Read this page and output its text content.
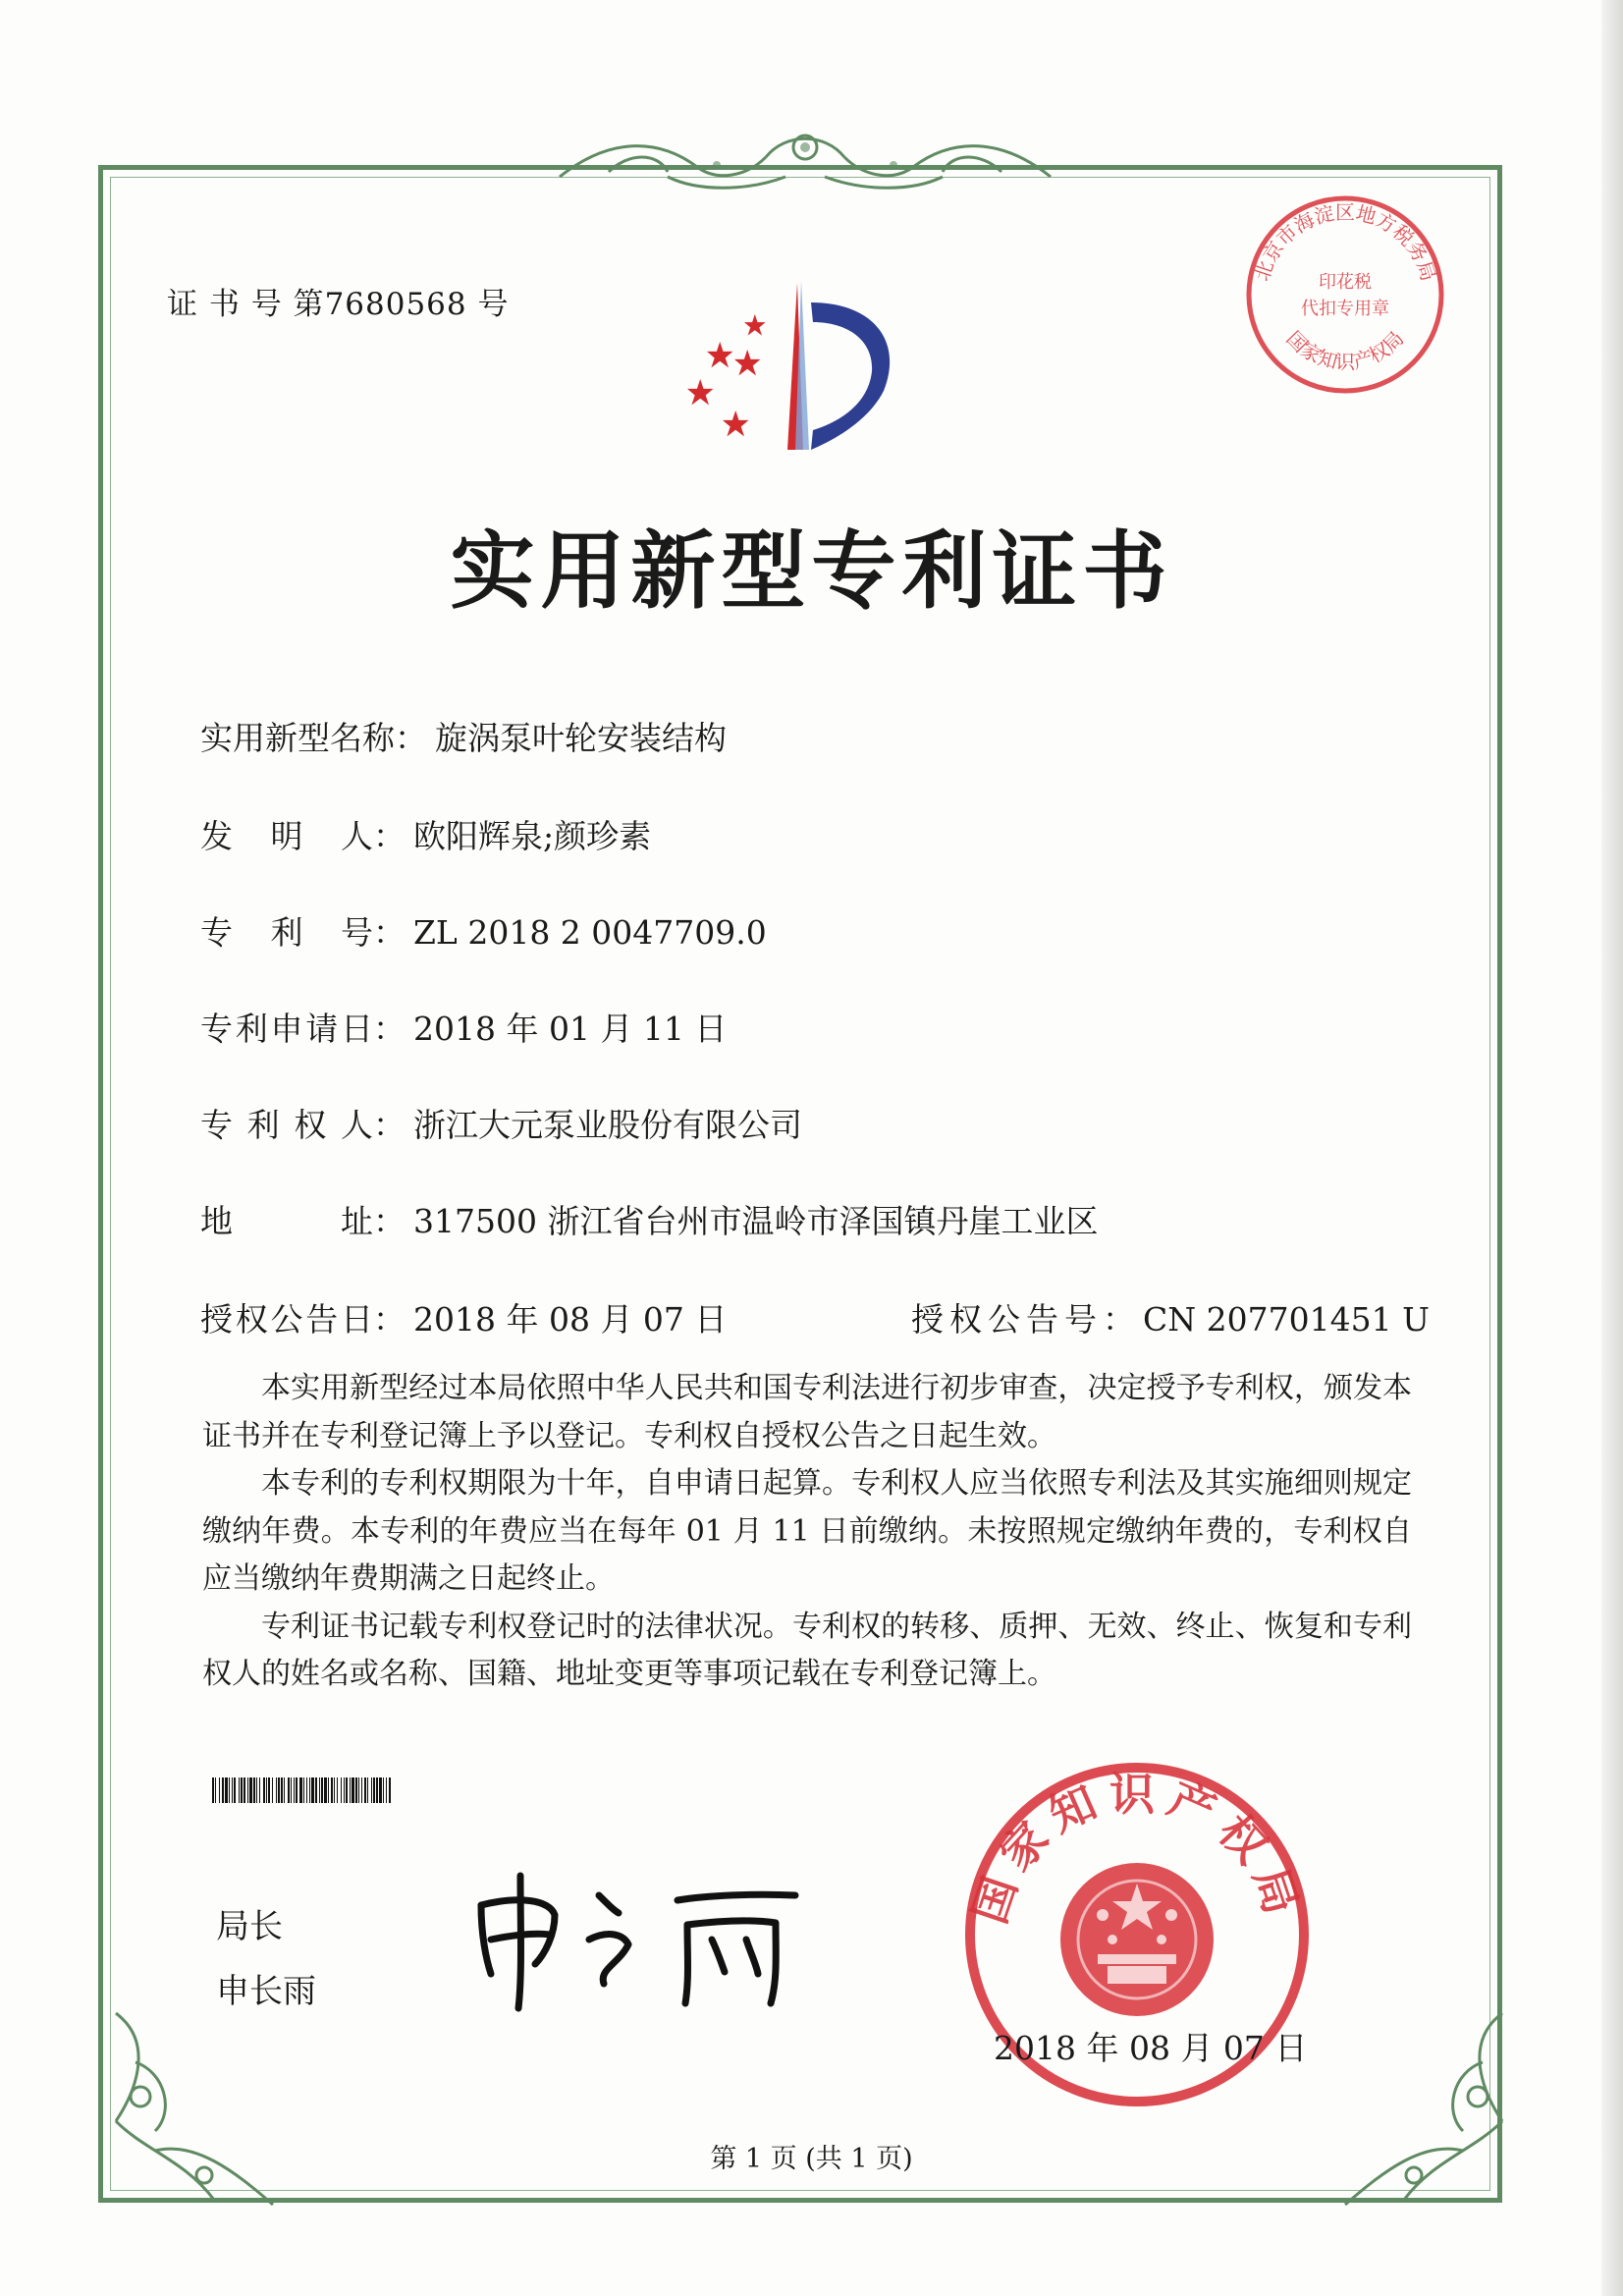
证 书 号 第7680568 号
北京市海淀区地方税务局
印花税
代扣专用章
国家知识产权局
实用新型专利证书
实用新型名称： 旋涡泵叶轮安装结构
发 明 人 ： 欧阳辉泉;颜珍素
专 利 号 ： ZL 2018 2 0047709.0
专 利 申 请 日 ： 2018 年 01 月 11 日
专 利 权 人 ： 浙江大元泵业股份有限公司
地	址 ： 317500 浙江省台州市温岭市泽国镇丹崖工业区
授 权 公 告 日 ： 2018 年 08 月 07 日	授权公告号： CN 207701451 U

本实用新型经过本局依照中华人民共和国专利法进行初步审查，决定授予专利权，颁发本证书并在专利登记簿上予以登记。专利权自授权公告之日起生效。

本专利的专利权期限为十年，自申请日起算。专利权人应当依照专利法及其实施细则规定缴纳年费。本专利的年费应当在每年 01 月 11 日前缴纳。未按照规定缴纳年费的，专利权自应当缴纳年费期满之日起终止。

专利证书记载专利权登记时的法律状况。专利权的转移、质押、无效、终止、恢复和专利权人的姓名或名称、国籍、地址变更等事项记载在专利登记簿上。

局长
申长雨
国家知识产权局
2018 年 08 月 07 日
第 1 页 (共 1 页)
